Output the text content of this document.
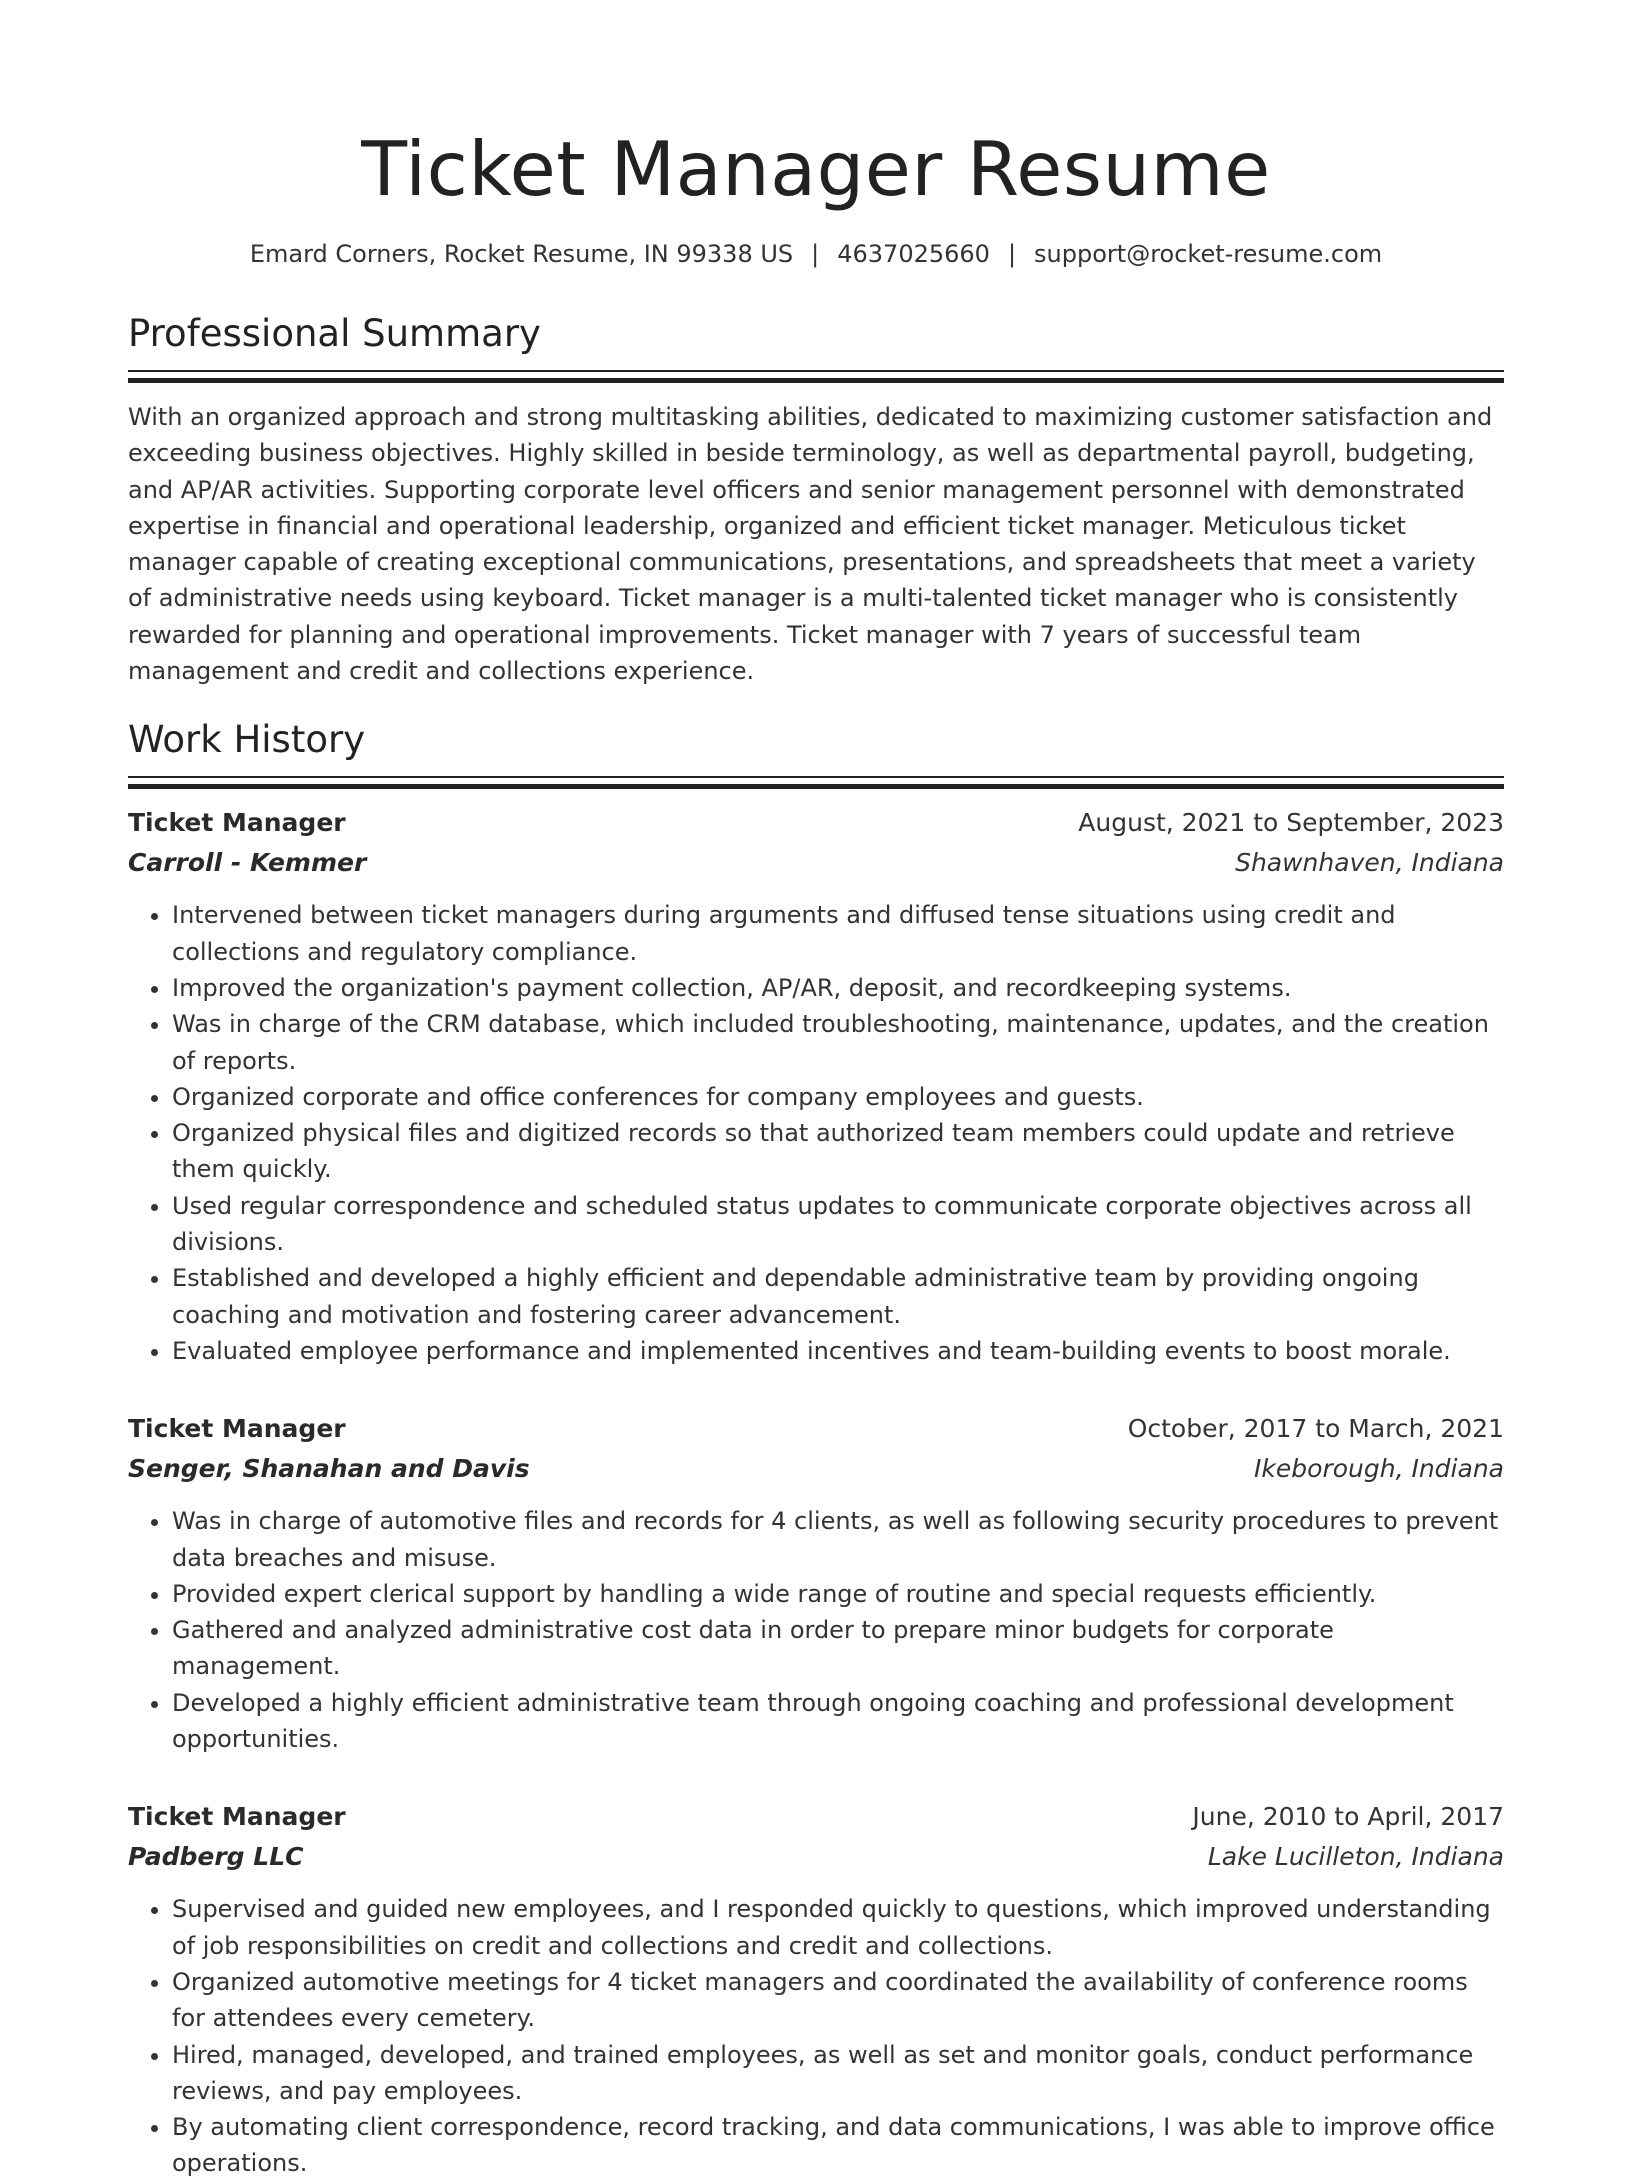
Ticket Manager Resume
Emard Corners, Rocket Resume, IN 99338 US | 4637025660 | support@rocket-resume.com
Professional Summary

With an organized approach and strong multitasking abilities, dedicated to maximizing customer satisfaction and exceeding business objectives. Highly skilled in beside terminology, as well as departmental payroll, budgeting, and AP/AR activities. Supporting corporate level officers and senior management personnel with demonstrated expertise in financial and operational leadership, organized and efficient ticket manager. Meticulous ticket manager capable of creating exceptional communications, presentations, and spreadsheets that meet a variety of administrative needs using keyboard. Ticket manager is a multi-talented ticket manager who is consistently rewarded for planning and operational improvements. Ticket manager with 7 years of successful team management and credit and collections experience.

Work History
Ticket Manager	August, 2021 to September, 2023
Carroll - Kemmer	Shawnhaven, Indiana
• Intervened between ticket managers during arguments and diffused tense situations using credit and collections and regulatory compliance.
• Improved the organization's payment collection, AP/AR, deposit, and recordkeeping systems.
• Was in charge of the CRM database, which included troubleshooting, maintenance, updates, and the creation of reports.
• Organized corporate and office conferences for company employees and guests.
• Organized physical files and digitized records so that authorized team members could update and retrieve them quickly.
• Used regular correspondence and scheduled status updates to communicate corporate objectives across all divisions.
• Established and developed a highly efficient and dependable administrative team by providing ongoing coaching and motivation and fostering career advancement.
• Evaluated employee performance and implemented incentives and team-building events to boost morale.
Ticket Manager	October, 2017 to March, 2021
Senger, Shanahan and Davis	Ikeborough, Indiana
• Was in charge of automotive files and records for 4 clients, as well as following security procedures to prevent data breaches and misuse.
• Provided expert clerical support by handling a wide range of routine and special requests efficiently.
• Gathered and analyzed administrative cost data in order to prepare minor budgets for corporate management.
• Developed a highly efficient administrative team through ongoing coaching and professional development opportunities.
Ticket Manager	June, 2010 to April, 2017
Padberg LLC	Lake Lucilleton, Indiana
• Supervised and guided new employees, and I responded quickly to questions, which improved understanding of job responsibilities on credit and collections and credit and collections.
• Organized automotive meetings for 4 ticket managers and coordinated the availability of conference rooms for attendees every cemetery.
• Hired, managed, developed, and trained employees, as well as set and monitor goals, conduct performance reviews, and pay employees.
• By automating client correspondence, record tracking, and data communications, I was able to improve office operations.
